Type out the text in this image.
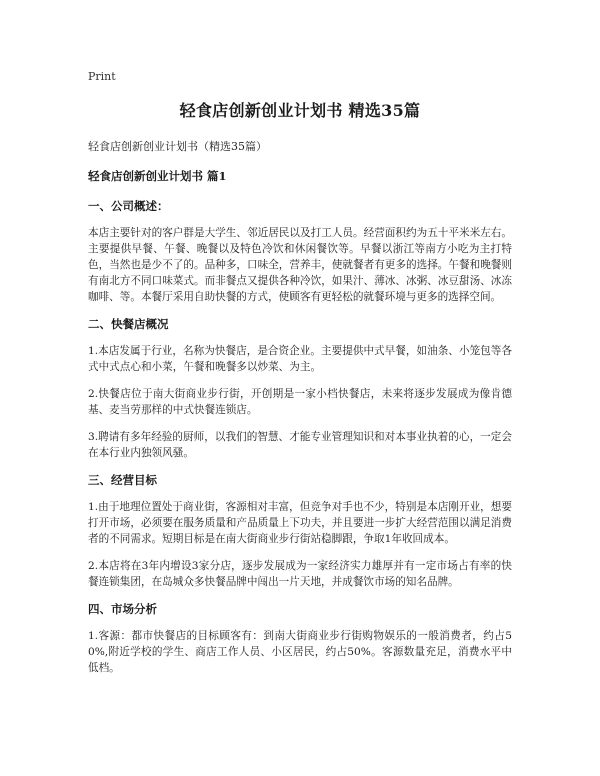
Print
轻食店创新创业计划书 精选35篇
轻食店创新创业计划书（精选35篇）
轻食店创新创业计划书 篇1
一、公司概述：
本店主要针对的客户群是大学生、邻近居民以及打工人员。经营面积约为五十平米米左右。主要提供早餐、午餐、晚餐以及特色冷饮和休闲餐饮等。早餐以浙江等南方小吃为主打特色，当然也是少不了的。品种多，口味全，营养丰，使就餐者有更多的选择。午餐和晚餐则有南北方不同口味菜式。而非餐点又提供各种冷饮，如果汁、薄冰、冰粥、冰豆甜汤、冰冻咖啡、等。本餐厅采用自助快餐的方式，使顾客有更轻松的就餐环境与更多的选择空间。
二、快餐店概况
1.本店发属于行业，名称为快餐店，是合资企业。主要提供中式早餐，如油条、小笼包等各式中式点心和小菜，午餐和晚餐多以炒菜、为主。
2.快餐店位于南大街商业步行街，开创期是一家小档快餐店，未来将逐步发展成为像肯德基、麦当劳那样的中式快餐连锁店。
3.聘请有多年经验的厨师，以我们的智慧、才能专业管理知识和对本事业执着的心，一定会在本行业内独领风骚。
三、经营目标
1.由于地理位置处于商业街，客源相对丰富，但竞争对手也不少，特别是本店刚开业，想要打开市场，必须要在服务质量和产品质量上下功夫，并且要进一步扩大经营范围以满足消费者的不同需求。短期目标是在南大街商业步行街站稳脚跟，争取1年收回成本。
2.本店将在3年内增设3家分店，逐步发展成为一家经济实力雄厚并有一定市场占有率的快餐连锁集团，在岛城众多快餐品牌中闯出一片天地，并成餐饮市场的知名品牌。
四、市场分析
1.客源：都市快餐店的目标顾客有：到南大街商业步行街购物娱乐的一般消费者，约占50%,附近学校的学生、商店工作人员、小区居民，约占50%。客源数量充足，消费水平中低档。
